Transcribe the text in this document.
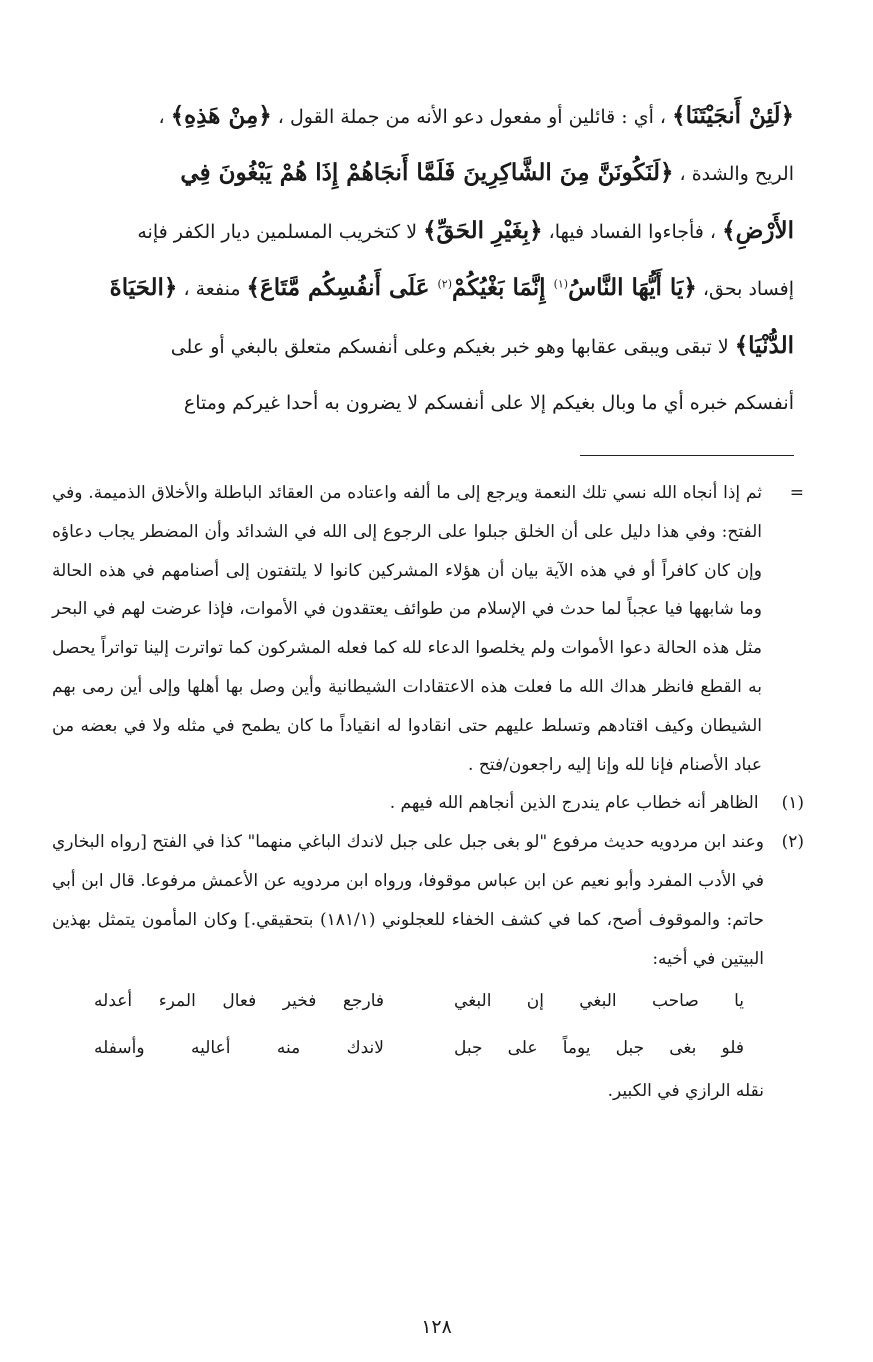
﴿لَئِنْ أَنجَيْتَنَا﴾ ، أي : قائلين أو مفعول دعو الأنه من جملة القول ، ﴿مِنْ هَذِهِ﴾ ،

الريح والشدة ، ﴿لَنَكُونَنَّ مِنَ الشَّاكِرِينَ فَلَمَّا أَنجَاهُمْ إِذَا هُمْ يَبْغُونَ فِي

الأَرْضِ﴾ ، فأجاءوا الفساد فيها، ﴿بِغَيْرِ الحَقِّ﴾ لا كتخريب المسلمين ديار الكفر فإنه

إفساد بحق، ﴿يَا أَيُّهَا النَّاسُ$^{(١)}$ إِنَّمَا بَغْيُكُمْ$^{(٢)}$ عَلَى أَنفُسِكُم مَّتَاعَ﴾ منفعة ، ﴿الحَيَاةَ

الدُّنْيَا﴾ لا تبقى ويبقى عقابها وهو خبر بغيكم وعلى أنفسكم متعلق بالبغي أو على

أنفسكم خبره أي ما وبال بغيكم إلا على أنفسكم لا يضرون به أحدا غيركم ومتاع

=
ثم إذا أنجاه الله نسي تلك النعمة ويرجع إلى ما ألفه واعتاده من العقائد الباطلة والأخلاق الذميمة. وفي الفتح: وفي هذا دليل على أن الخلق جبلوا على الرجوع إلى الله في الشدائد وأن المضطر يجاب دعاؤه وإن كان كافراً أو في هذه الآية بيان أن هؤلاء المشركين كانوا لا يلتفتون إلى أصنامهم في هذه الحالة وما شابهها فيا عجباً لما حدث في الإسلام من طوائف يعتقدون في الأموات، فإذا عرضت لهم في البحر مثل هذه الحالة دعوا الأموات ولم يخلصوا الدعاء لله كما فعله المشركون كما تواترت إلينا تواتراً يحصل به القطع فانظر هداك الله ما فعلت هذه الاعتقادات الشيطانية وأين وصل بها أهلها وإلى أين رمى بهم الشيطان وكيف اقتادهم وتسلط عليهم حتى انقادوا له انقياداً ما كان يطمح في مثله ولا في بعضه من عباد الأصنام فإنا لله وإنا إليه راجعون/فتح .

(١) الظاهر أنه خطاب عام يندرج الذين أنجاهم الله فيهم .

(٢)

وعند ابن مردويه حديث مرفوع "لو بغى جبل على جبل لاندك الباغي منهما" كذا في الفتح [رواه البخاري في الأدب المفرد وأبو نعيم عن ابن عباس موقوفا، ورواه ابن مردويه عن الأعمش مرفوعا. قال ابن أبي حاتم: والموقوف أصح، كما في كشف الخفاء للعجلوني (١٨١/١) بتحقيقي.] وكان المأمون يتمثل بهذين البيتين في أخيه:

يا
صاحب
البغي
إن
البغي
فارجع
فخير
فعال
المرء
أعدله
فلو
بغى
جبل
يوماً
على
جبل
لاندك
منه
أعاليه
وأسفله

نقله الرازي في الكبير.

١٢٨
